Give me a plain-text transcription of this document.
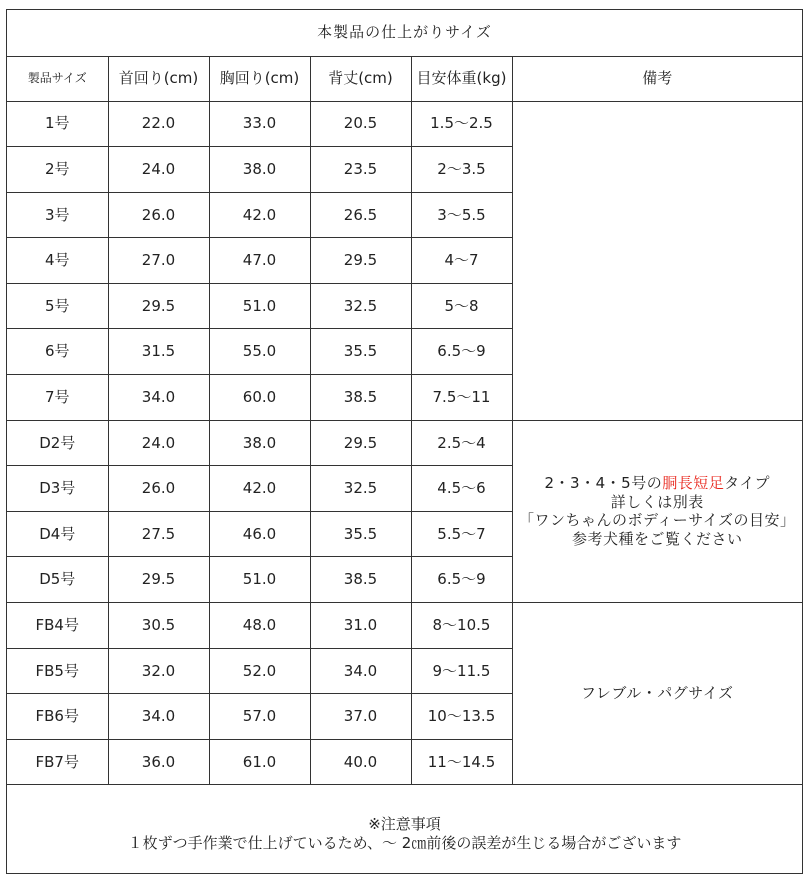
本製品の仕上がりサイズ					
製品サイズ	首回り(cm)	胸回り(cm)	背丈(cm)	目安体重(kg)	備考
1号	22.0	33.0	20.5	1.5〜2.5	
2号	24.0	38.0	23.5	2〜3.5	
3号	26.0	42.0	26.5	3〜5.5	
4号	27.0	47.0	29.5	4〜7	
5号	29.5	51.0	32.5	5〜8	
6号	31.5	55.0	35.5	6.5〜9	
7号	34.0	60.0	38.5	7.5〜11	
D2号	24.0	38.0	29.5	2.5〜4	2・3・4・5号の胴長短足タイプ
詳しくは別表
「ワンちゃんのボディーサイズの目安」
参考犬種をご覧ください
D3号	26.0	42.0	32.5	4.5〜6	
D4号	27.5	46.0	35.5	5.5〜7	
D5号	29.5	51.0	38.5	6.5〜9	
FB4号	30.5	48.0	31.0	8〜10.5	フレブル・パグサイズ
FB5号	32.0	52.0	34.0	9〜11.5	
FB6号	34.0	57.0	37.0	10〜13.5	
FB7号	36.0	61.0	40.0	11〜14.5	

※注意事項
１枚ずつ手作業で仕上げているため、〜 2㎝前後の誤差が生じる場合がございます					
